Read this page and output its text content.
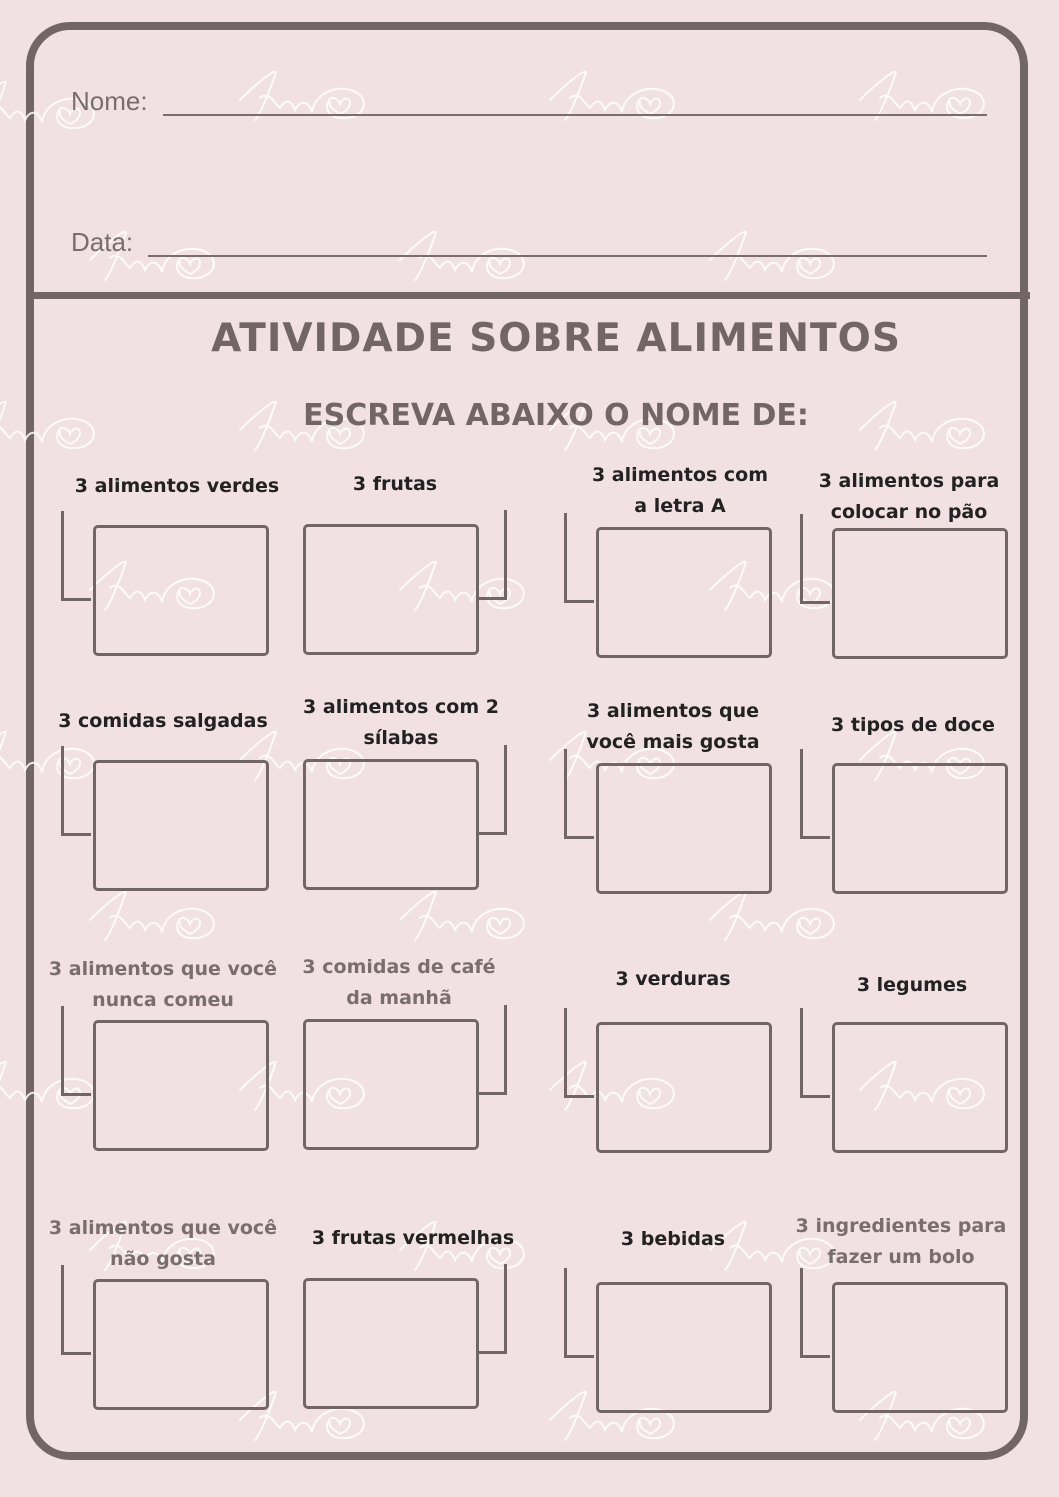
Nome:
Data:
ATIVIDADE SOBRE ALIMENTOS
ESCREVA ABAIXO O NOME DE:
3 alimentos verdes	3 frutas	3 alimentos com
a letra A
3 alimentos para
colocar no pão
3 comidas salgadas
3 alimentos com 2
sílabas
3 alimentos que
você mais gosta
3 tipos de doce
3 alimentos que você
nunca comeu
3 comidas de café
da manhã
3 verduras	3 legumes
3 alimentos que você
não gosta
3 frutas vermelhas	3 bebidas
3 ingredientes para
fazer um bolo
